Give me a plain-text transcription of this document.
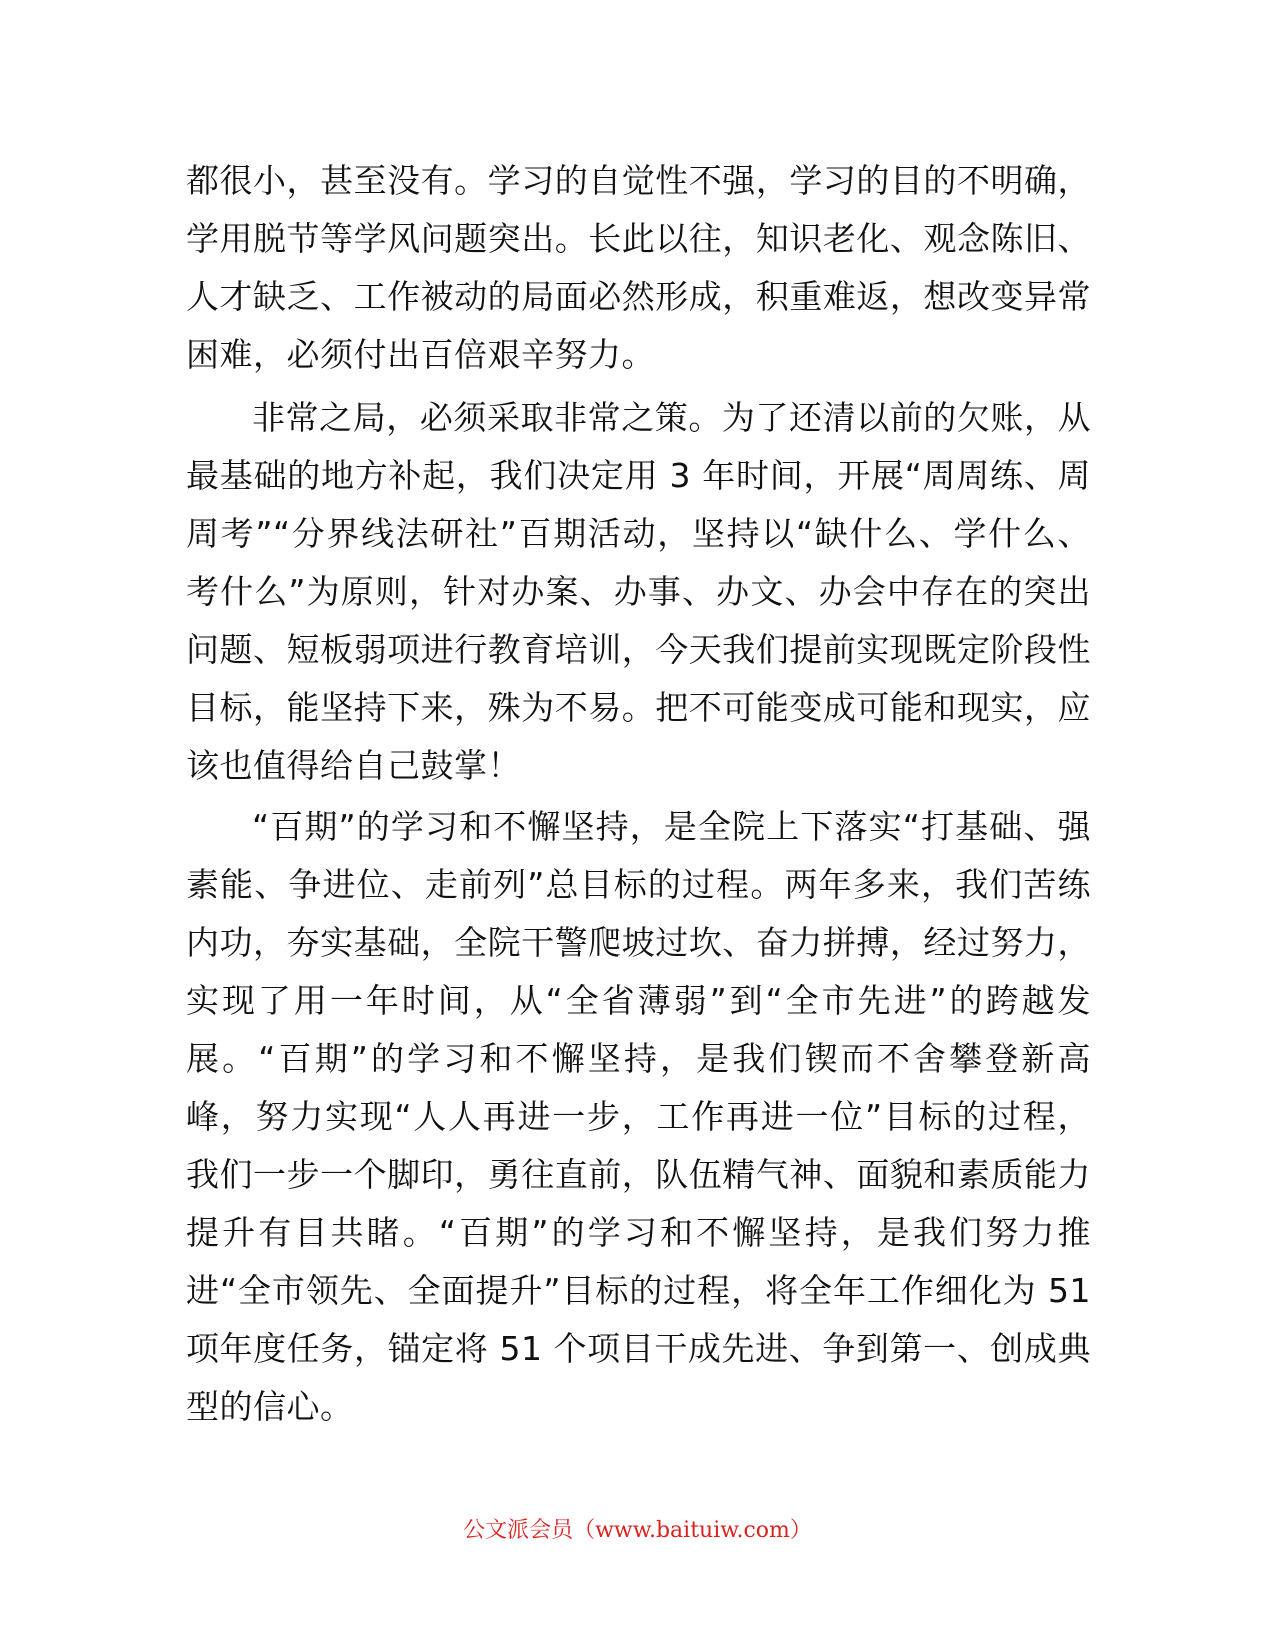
都很小，甚至没有。学习的自觉性不强，学习的目的不明确，学用脱节等学风问题突出。长此以往，知识老化、观念陈旧、人才缺乏、工作被动的局面必然形成，积重难返，想改变异常困难，必须付出百倍艰辛努力。

非常之局，必须采取非常之策。为了还清以前的欠账，从最基础的地方补起，我们决定用 3 年时间，开展“周周练、周周考”“分界线法研社”百期活动，坚持以“缺什么、学什么、考什么”为原则，针对办案、办事、办文、办会中存在的突出问题、短板弱项进行教育培训，今天我们提前实现既定阶段性目标，能坚持下来，殊为不易。把不可能变成可能和现实，应该也值得给自己鼓掌！

“百期”的学习和不懈坚持，是全院上下落实“打基础、强素能、争进位、走前列”总目标的过程。两年多来，我们苦练内功，夯实基础，全院干警爬坡过坎、奋力拼搏，经过努力，实现了用一年时间，从“全省薄弱”到“全市先进”的跨越发展。“百期”的学习和不懈坚持，是我们锲而不舍攀登新高峰，努力实现“人人再进一步，工作再进一位”目标的过程，我们一步一个脚印，勇往直前，队伍精气神、面貌和素质能力提升有目共睹。“百期”的学习和不懈坚持，是我们努力推进“全市领先、全面提升”目标的过程，将全年工作细化为 51 项年度任务，锚定将 51 个项目干成先进、争到第一、创成典型的信心。

公文派会员（www.baituiw.com）
